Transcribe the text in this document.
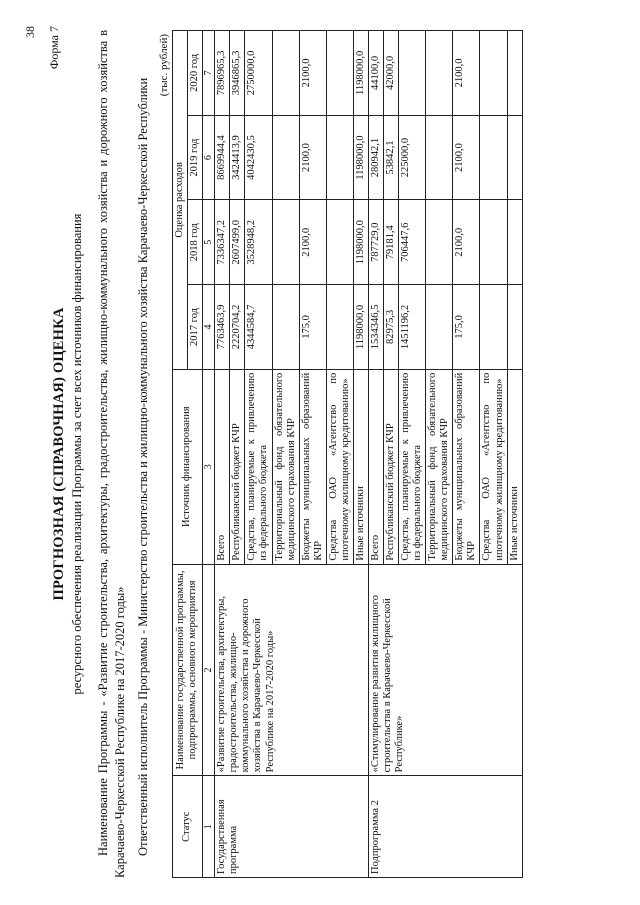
ПРОГНОЗНАЯ (СПРАВОЧНАЯ) ОЦЕНКА ресурсного обеспечения реализации Программы за счет всех источников финансирования Наименование Программы - «Развитие строительства, архитектуры, градостроительства, жилищно-коммунального хозяйства и дорожного хозяйства в Карачаево-Черкесской Республике на 2017-2020 годы» Ответственный исполнитель Программы - Министерство строительства и жилищно-коммунального хозяйства Карачаево-Черкесской Республики

(тыс. рублей)
Статус	Наименование государственной программы, подпрограммы, основного мероприятия	Источник финансирования	Оценка расходов			
			2017 год	2018 год	2019 год	2020 год
1	2	3	4	5	6	7
Государственная программа	«Развитие строительства, архитектуры, градостроительства, жилищно-коммунального хозяйства и дорожного хозяйства в Карачаево-Черкесской Республике на 2017-2020 годы»	Всего	7763463,9	7336347,2	8669944,4	7896965,3
		Республиканский бюджет КЧР	2220704,2	2607499,0	3424413,9	3946865,3
		Средства, планируемые к привлечению из федерального бюджета	4344584,7	3528948,2	4042430,5	2750000,0
		Территориальный фонд обязательного медицинского страхования КЧР				
		Бюджеты муниципальных образований КЧР	175,0	2100,0	2100,0	2100,0
		Средства ОАО «Агентство по ипотечному жилищному кредитованию»				
		Иные источники	1198000,0	1198000,0	1198000,0	1198000,0
Подпрограмма 2	«Стимулирование развития жилищного строительства в Карачаево-Черкесской Республике»	Всего	1534346,5	787729,0	280942,1	44100,0
		Республиканский бюджет КЧР	82975,3	79181,4	53842,1	42000,0
		Средства, планируемые к привлечению из федерального бюджета	1451196,2	706447,6	225000,0	
		Территориальный фонд обязательного медицинского страхования КЧР				
		Бюджеты муниципальных образований КЧР	175,0	2100,0	2100,0	2100,0
		Средства ОАО «Агентство по ипотечному жилищному кредитованию»				
		Иные источники				
38 Форма 7
